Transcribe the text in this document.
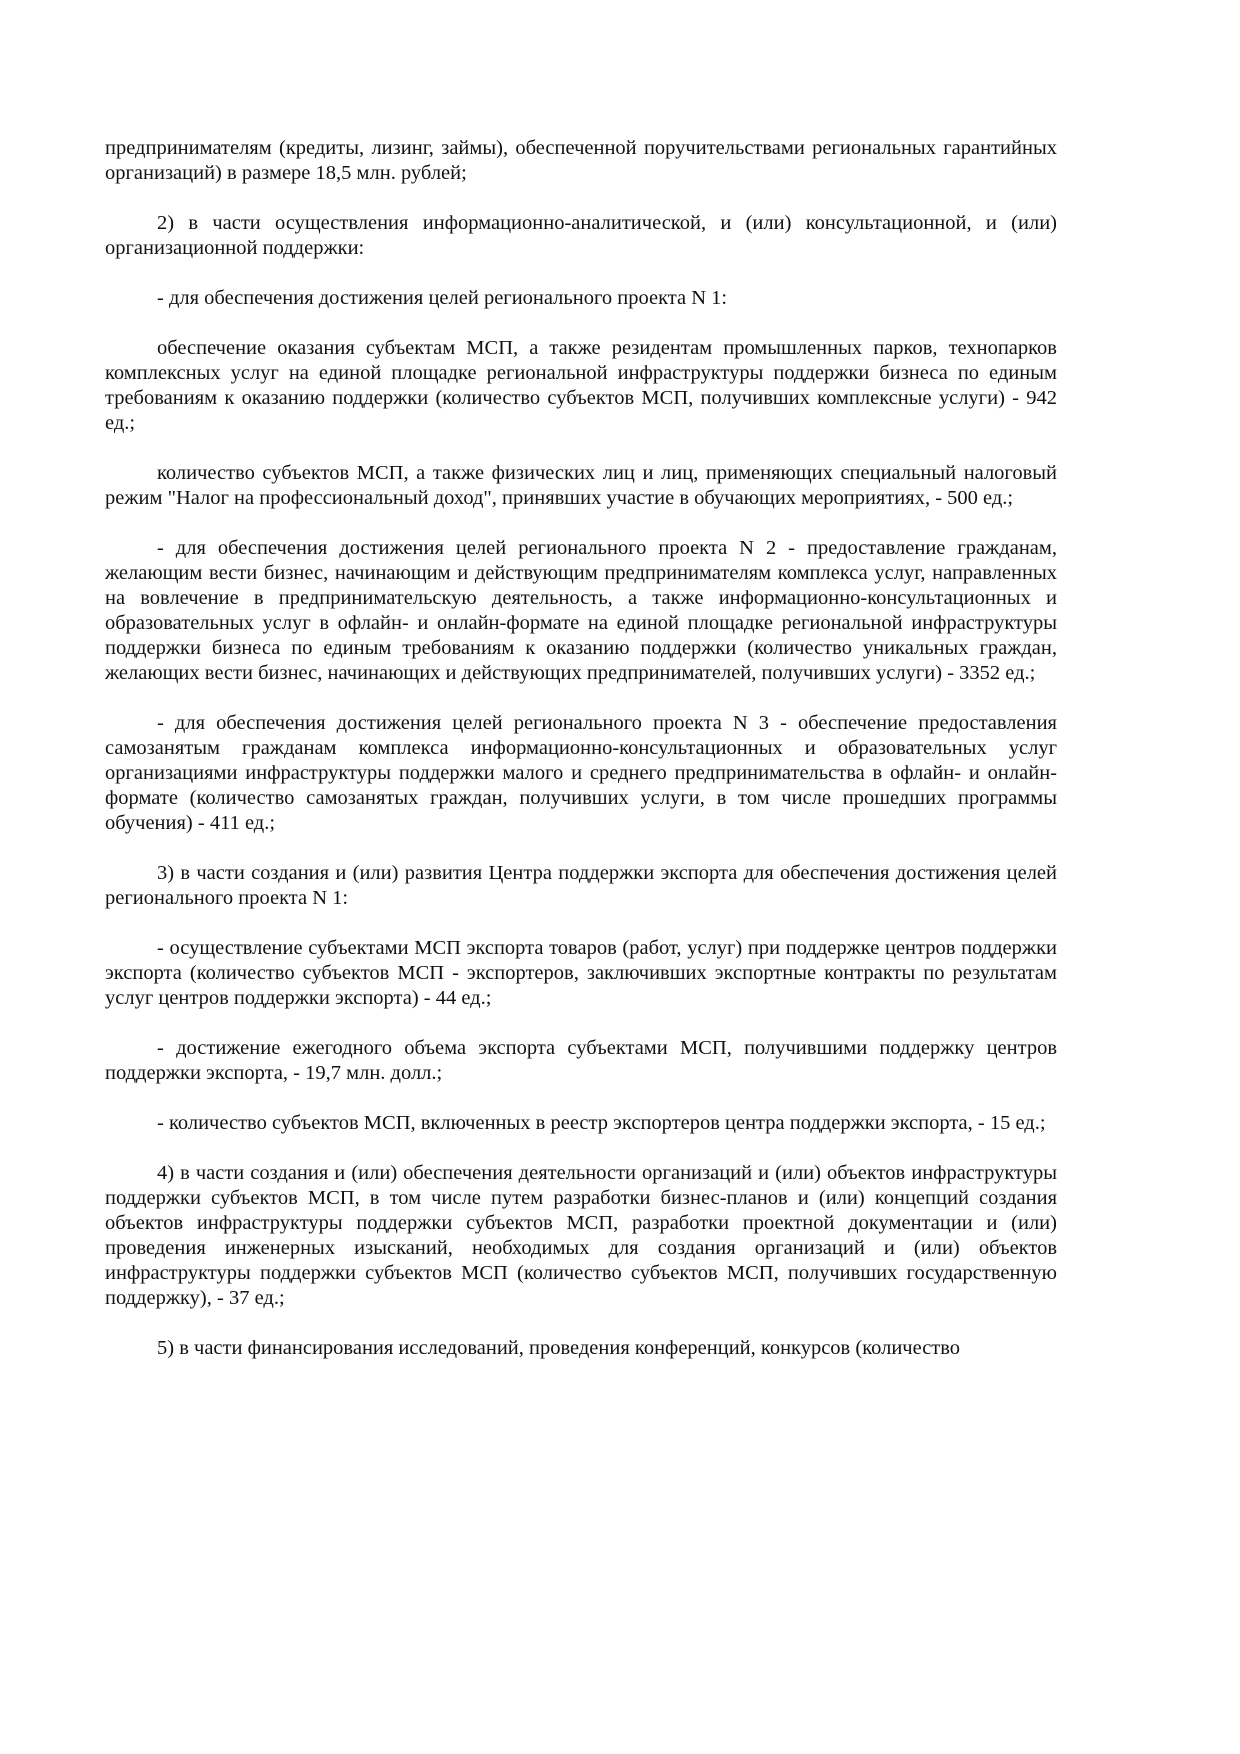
предпринимателям (кредиты, лизинг, займы), обеспеченной поручительствами региональных гарантийных организаций) в размере 18,5 млн. рублей;

2) в части осуществления информационно-аналитической, и (или) консультационной, и (или) организационной поддержки:

- для обеспечения достижения целей регионального проекта N 1:

обеспечение оказания субъектам МСП, а также резидентам промышленных парков, технопарков комплексных услуг на единой площадке региональной инфраструктуры поддержки бизнеса по единым требованиям к оказанию поддержки (количество субъектов МСП, получивших комплексные услуги) - 942 ед.;

количество субъектов МСП, а также физических лиц и лиц, применяющих специальный налоговый режим "Налог на профессиональный доход", принявших участие в обучающих мероприятиях, - 500 ед.;

- для обеспечения достижения целей регионального проекта N 2 - предоставление гражданам, желающим вести бизнес, начинающим и действующим предпринимателям комплекса услуг, направленных на вовлечение в предпринимательскую деятельность, а также информационно-консультационных и образовательных услуг в офлайн- и онлайн-формате на единой площадке региональной инфраструктуры поддержки бизнеса по единым требованиям к оказанию поддержки (количество уникальных граждан, желающих вести бизнес, начинающих и действующих предпринимателей, получивших услуги) - 3352 ед.;

- для обеспечения достижения целей регионального проекта N 3 - обеспечение предоставления самозанятым гражданам комплекса информационно-консультационных и образовательных услуг организациями инфраструктуры поддержки малого и среднего предпринимательства в офлайн- и онлайн-формате (количество самозанятых граждан, получивших услуги, в том числе прошедших программы обучения) - 411 ед.;

3) в части создания и (или) развития Центра поддержки экспорта для обеспечения достижения целей регионального проекта N 1:

- осуществление субъектами МСП экспорта товаров (работ, услуг) при поддержке центров поддержки экспорта (количество субъектов МСП - экспортеров, заключивших экспортные контракты по результатам услуг центров поддержки экспорта) - 44 ед.;

- достижение ежегодного объема экспорта субъектами МСП, получившими поддержку центров поддержки экспорта, - 19,7 млн. долл.;

- количество субъектов МСП, включенных в реестр экспортеров центра поддержки экспорта, - 15 ед.;

4) в части создания и (или) обеспечения деятельности организаций и (или) объектов инфраструктуры поддержки субъектов МСП, в том числе путем разработки бизнес-планов и (или) концепций создания объектов инфраструктуры поддержки субъектов МСП, разработки проектной документации и (или) проведения инженерных изысканий, необходимых для создания организаций и (или) объектов инфраструктуры поддержки субъектов МСП (количество субъектов МСП, получивших государственную поддержку), - 37 ед.;

5) в части финансирования исследований, проведения конференций, конкурсов (количество
